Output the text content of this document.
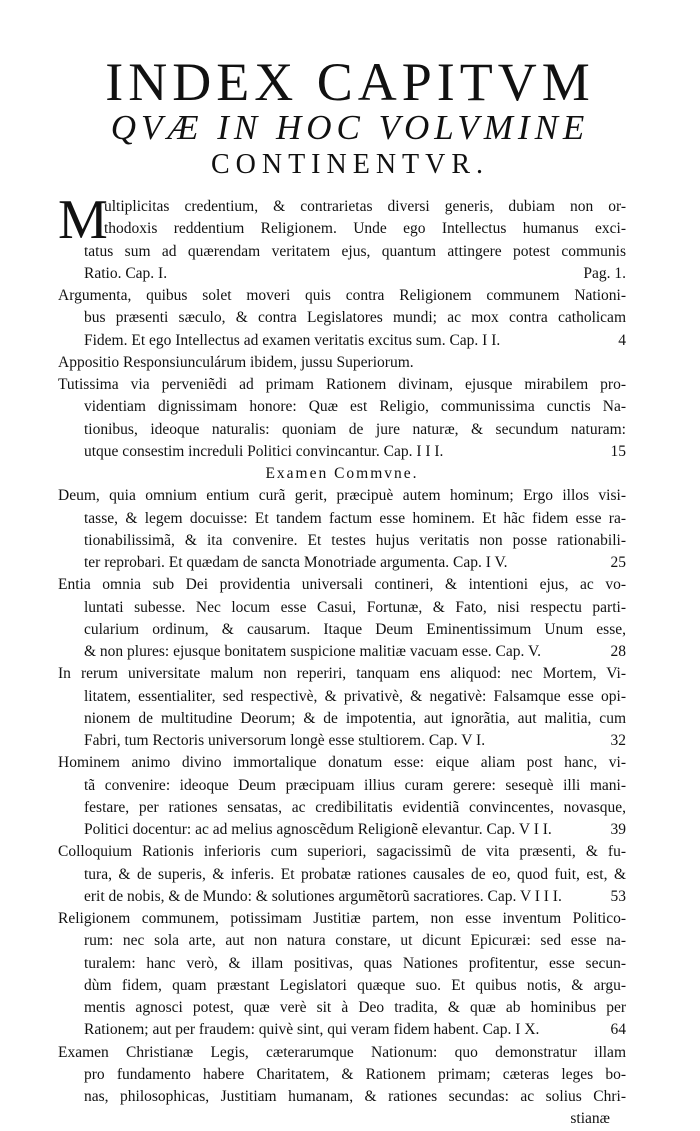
INDEX CAPITVM
QVÆ IN HOC VOLVMINE
CONTINENTVR.
M
ultiplicitas credentium, & contrarietas diversi generis, dubiam non or-
thodoxis reddentium Religionem. Unde ego Intellectus humanus exci-
tatus sum ad quærendam veritatem ejus, quantum attingere potest communis
Ratio. Cap. I.	Pag. 1.
Argumenta, quibus solet moveri quis contra Religionem communem Nationi-
bus præsenti sæculo, & contra Legislatores mundi; ac mox contra catholicam
Fidem. Et ego Intellectus ad examen veritatis excitus sum. Cap. I I.	4
Appositio Responsiunculárum ibidem, jussu Superiorum.
Tutissima via perveniẽdi ad primam Rationem divinam, ejusque mirabilem pro-
videntiam dignissimam honore: Quæ est Religio, communissima cunctis Na-
tionibus, ideoque naturalis: quoniam de jure naturæ, & secundum naturam:
utque consestim increduli Politici convincantur. Cap. I I I.	15
Examen Commvne.
Deum, quia omnium entium curã gerit, præcipuè autem hominum; Ergo illos visi-
tasse, & legem docuisse: Et tandem factum esse hominem. Et hãc fidem esse ra-
tionabilissimã, & ita convenire. Et testes hujus veritatis non posse rationabili-
ter reprobari. Et quædam de sancta Monotriade argumenta. Cap. I V.	25
Entia omnia sub Dei providentia universali contineri, & intentioni ejus, ac vo-
luntati subesse. Nec locum esse Casui, Fortunæ, & Fato, nisi respectu parti-
cularium ordinum, & causarum. Itaque Deum Eminentissimum Unum esse,
& non plures: ejusque bonitatem suspicione malitiæ vacuam esse. Cap. V.	28
In rerum universitate malum non reperiri, tanquam ens aliquod: nec Mortem, Vi-
litatem, essentialiter, sed respectivè, & privativè, & negativè: Falsamque esse opi-
nionem de multitudine Deorum; & de impotentia, aut ignorãtia, aut malitia, cum
Fabri, tum Rectoris universorum longè esse stultiorem. Cap. V I.	32
Hominem animo divino immortalique donatum esse: eique aliam post hanc, vi-
tã convenire: ideoque Deum præcipuam illius curam gerere: sesequè illi mani-
festare, per rationes sensatas, ac credibilitatis evidentiã convincentes, novasque,
Politici docentur: ac ad melius agnoscẽdum Religionẽ elevantur. Cap. V I I.	39
Colloquium Rationis inferioris cum superiori, sagacissimũ de vita præsenti, & fu-
tura, & de superis, & inferis. Et probatæ rationes causales de eo, quod fuit, est, &
erit de nobis, & de Mundo: & solutiones argumẽtorũ sacratiores. Cap. V I I I.	53
Religionem communem, potissimam Justitiæ partem, non esse inventum Politico-
rum: nec sola arte, aut non natura constare, ut dicunt Epicuræi: sed esse na-
turalem: hanc verò, & illam positivas, quas Nationes profitentur, esse secun-
dùm fidem, quam præstant Legislatori quæque suo. Et quibus notis, & argu-
mentis agnosci potest, quæ verè sit à Deo tradita, & quæ ab hominibus per
Rationem; aut per fraudem: quivè sint, qui veram fidem habent. Cap. I X.	64
Examen Christianæ Legis, cæterarumque Nationum: quo demonstratur illam
pro fundamento habere Charitatem, & Rationem primam; cæteras leges bo-
nas, philosophicas, Justitiam humanam, & rationes secundas: ac solius Chri-
stianæ
